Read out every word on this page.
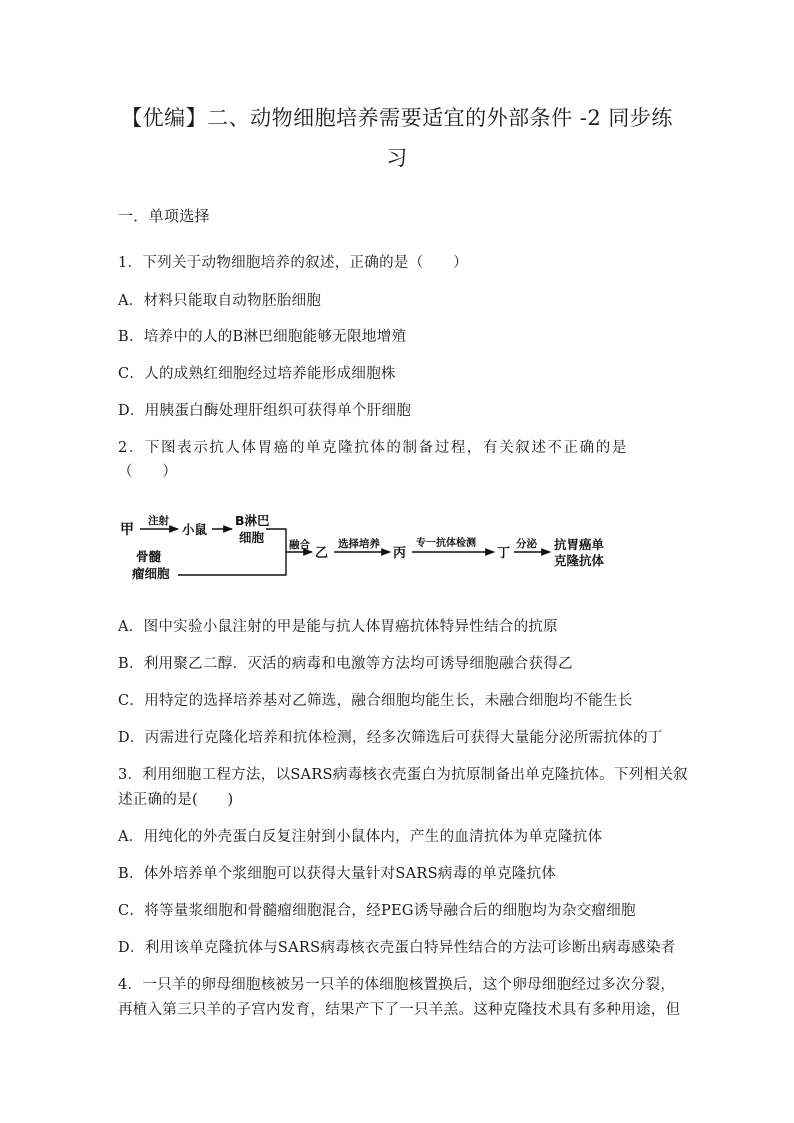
【优编】二、动物细胞培养需要适宜的外部条件 -2 同步练
习
一．单项选择
1．下列关于动物细胞培养的叙述，正确的是（　　）
A．材料只能取自动物胚胎细胞
B．培养中的人的B淋巴细胞能够无限地增殖
C．人的成熟红细胞经过培养能形成细胞株
D．用胰蛋白酶处理肝组织可获得单个肝细胞
2．下图表示抗人体胃癌的单克隆抗体的制备过程，有关叙述不正确的是
（　　）
甲
注射
小鼠
B淋巴
细胞 融合
骨髓
瘤细胞
乙
选择培养
丙
专一抗体检测
丁
分泌 抗胃癌单
克隆抗体
A．图中实验小鼠注射的甲是能与抗人体胃癌抗体特异性结合的抗原
B．利用聚乙二醇．灭活的病毒和电激等方法均可诱导细胞融合获得乙
C．用特定的选择培养基对乙筛选，融合细胞均能生长，未融合细胞均不能生长
D．丙需进行克隆化培养和抗体检测，经多次筛选后可获得大量能分泌所需抗体的丁
3．利用细胞工程方法，以SARS病毒核衣壳蛋白为抗原制备出单克隆抗体。下列相关叙
述正确的是(　　)
A．用纯化的外壳蛋白反复注射到小鼠体内，产生的血清抗体为单克隆抗体
B．体外培养单个浆细胞可以获得大量针对SARS病毒的单克隆抗体
C．将等量浆细胞和骨髓瘤细胞混合，经PEG诱导融合后的细胞均为杂交瘤细胞
D．利用该单克隆抗体与SARS病毒核衣壳蛋白特异性结合的方法可诊断出病毒感染者
4．一只羊的卵母细胞核被另一只羊的体细胞核置换后，这个卵母细胞经过多次分裂，
再植入第三只羊的子宫内发育，结果产下了一只羊羔。这种克隆技术具有多种用途，但
